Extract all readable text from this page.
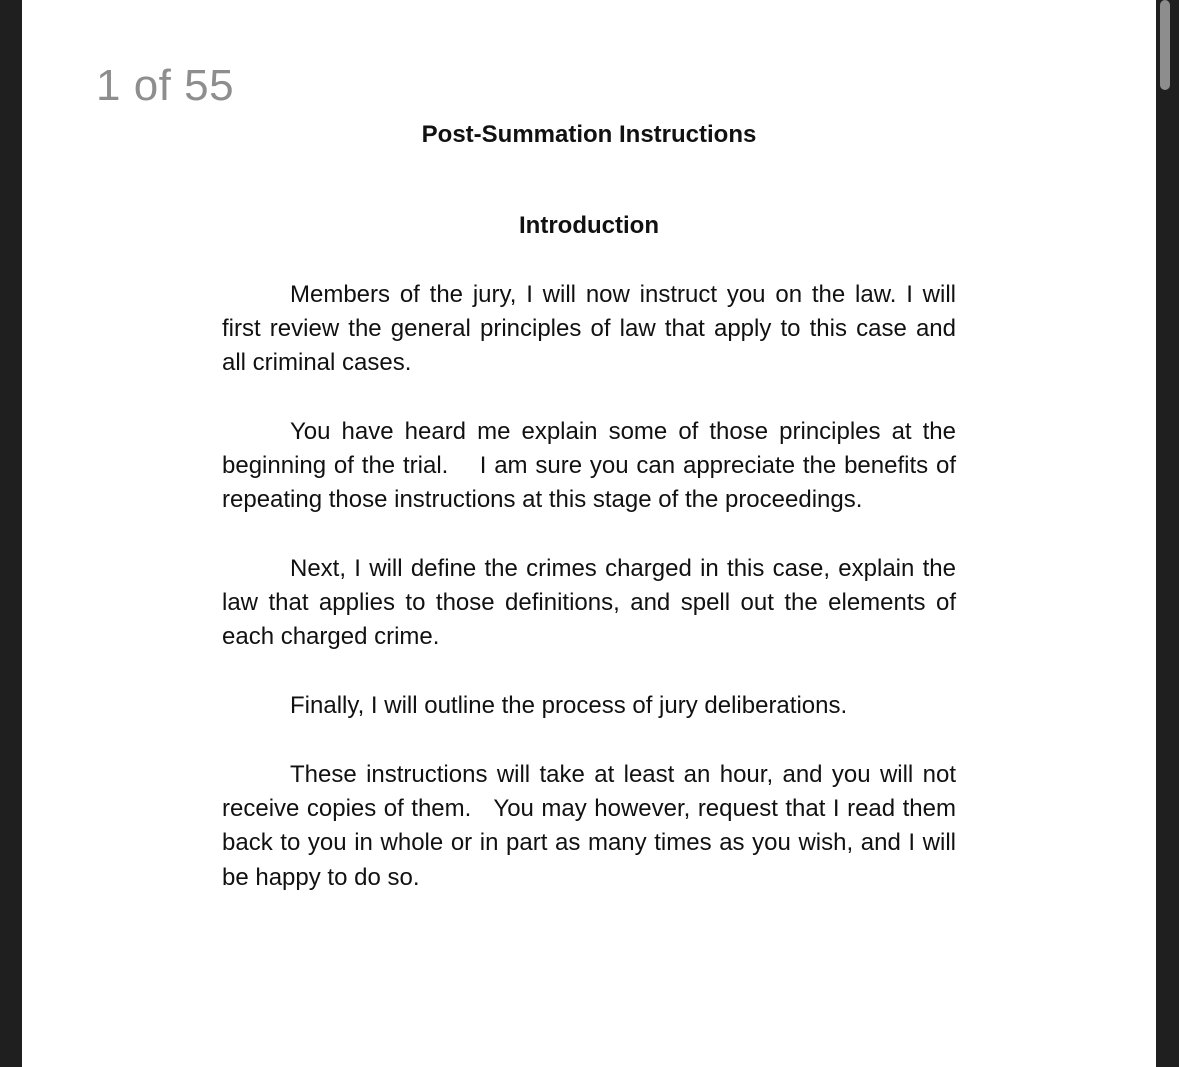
1 of 55
Post-Summation Instructions
Introduction

Members of the jury, I will now instruct you on the law. I will first review the general principles of law that apply to this case and all criminal cases.

You have heard me explain some of those principles at the beginning of the trial.    I am sure you can appreciate the benefits of repeating those instructions at this stage of the proceedings.

Next, I will define the crimes charged in this case, explain the law that applies to those definitions, and spell out the elements of each charged crime.

Finally, I will outline the process of jury deliberations.

These instructions will take at least an hour, and you will not receive copies of them.   You may however, request that I read them back to you in whole or in part as many times as you wish, and I will be happy to do so.
